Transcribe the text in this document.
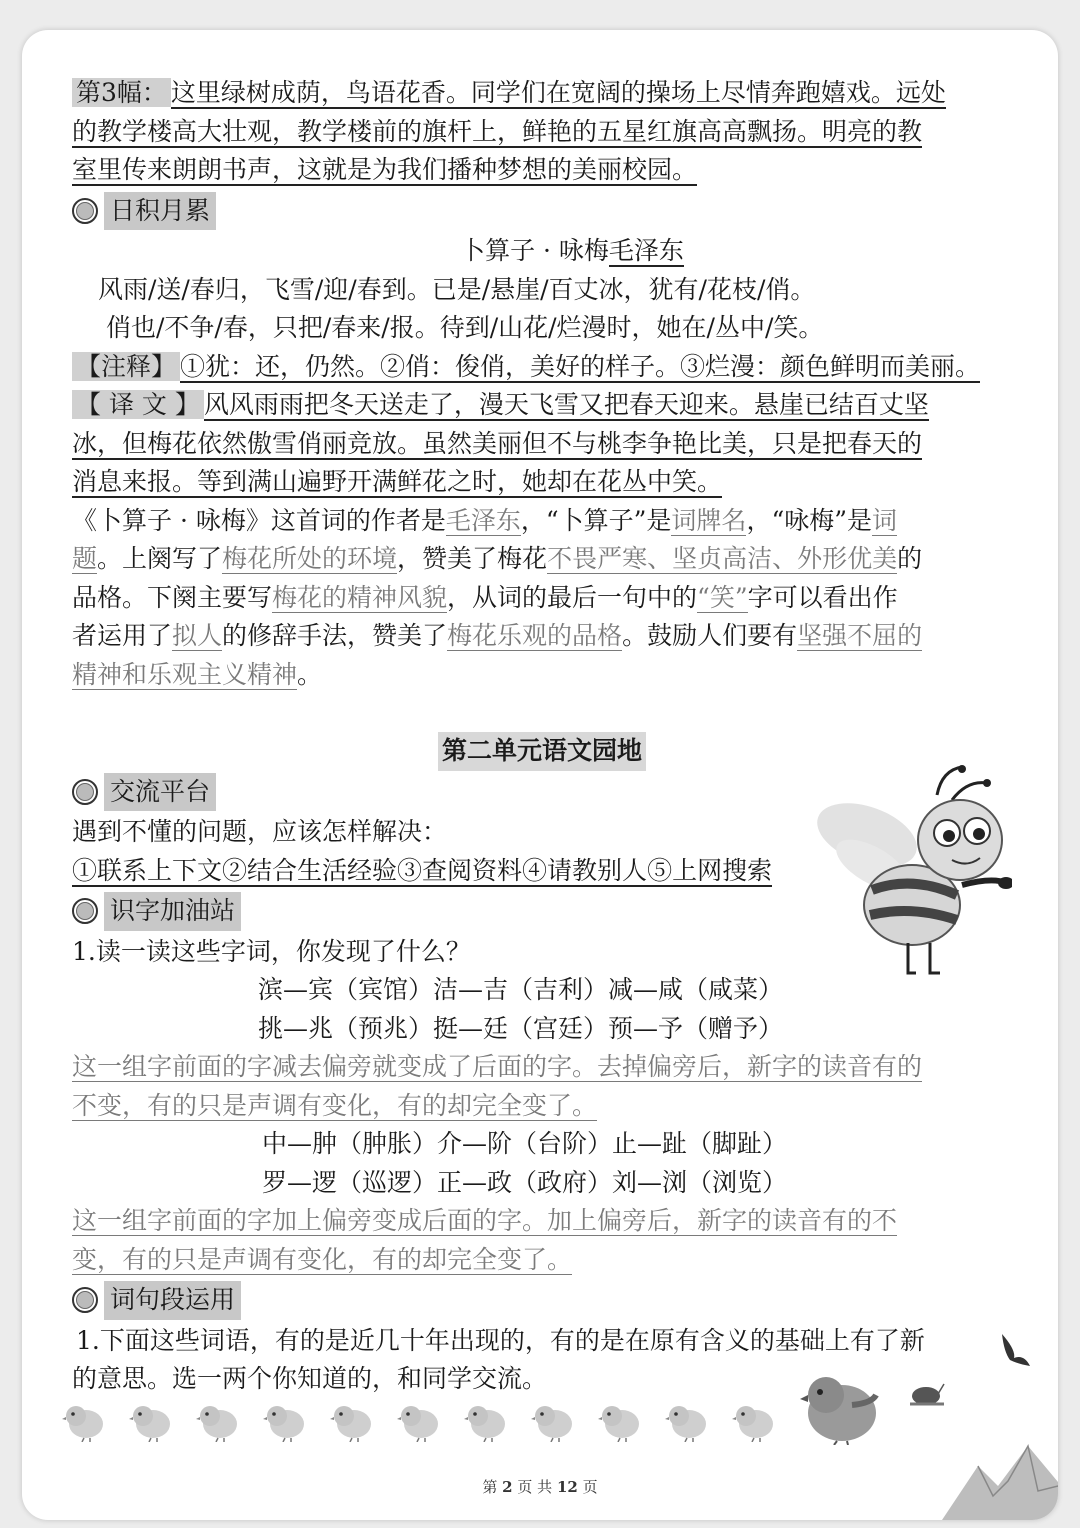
第3幅： 这里绿树成荫，鸟语花香。同学们在宽阔的操场上尽情奔跑嬉戏。远处
的教学楼高大壮观，教学楼前的旗杆上，鲜艳的五星红旗高高飘扬。明亮的教
室里传来朗朗书声，这就是为我们播种梦想的美丽校园。
日积月累
卜算子 · 咏梅毛泽东
风雨/送/春归，飞雪/迎/春到。已是/悬崖/百丈冰，犹有/花枝/俏。
俏也/不争/春，只把/春来/报。待到/山花/烂漫时，她在/丛中/笑。
【注释】 ①犹：还，仍然。②俏：俊俏，美好的样子。③烂漫：颜色鲜明而美丽。
【 译 文 】 风风雨雨把冬天送走了，漫天飞雪又把春天迎来。悬崖已结百丈坚
冰，但梅花依然傲雪俏丽竞放。虽然美丽但不与桃李争艳比美，只是把春天的
消息来报。等到满山遍野开满鲜花之时，她却在花丛中笑。
《卜算子 · 咏梅》这首词的作者是毛泽东，“卜算子”是词牌名，“咏梅”是词
题。上阕写了梅花所处的环境，赞美了梅花不畏严寒、坚贞高洁、外形优美的
品格。下阕主要写梅花的精神风貌，从词的最后一句中的“笑”字可以看出作
者运用了拟人的修辞手法，赞美了梅花乐观的品格。鼓励人们要有坚强不屈的
精神和乐观主义精神。
第二单元语文园地
交流平台
遇到不懂的问题，应该怎样解决：
①联系上下文②结合生活经验③查阅资料④请教别人⑤上网搜索
识字加油站
1.读一读这些字词，你发现了什么？
滨—宾（宾馆）洁—吉（吉利）减—咸（咸菜）
挑—兆（预兆）挺—廷（宫廷）预—予（赠予）
这一组字前面的字减去偏旁就变成了后面的字。去掉偏旁后，新字的读音有的
不变，有的只是声调有变化，有的却完全变了。
中—肿（肿胀）介—阶（台阶）止—趾（脚趾）
罗—逻（巡逻）正—政（政府）刘—浏（浏览）
这一组字前面的字加上偏旁变成后面的字。加上偏旁后，新字的读音有的不
变，有的只是声调有变化，有的却完全变了。
词句段运用
1.下面这些词语，有的是近几十年出现的，有的是在原有含义的基础上有了新
的意思。选一两个你知道的，和同学交流。
第 2 页 共 12 页
